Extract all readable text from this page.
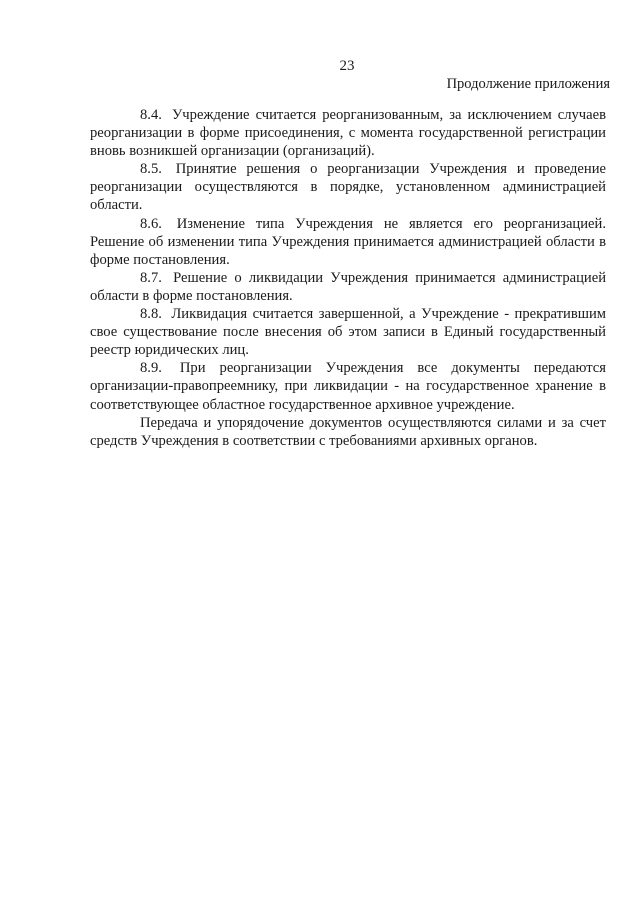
23
Продолжение приложения

8.4. Учреждение считается реорганизованным, за исключением случаев реорганизации в форме присоединения, с момента государственной регистрации вновь возникшей организации (организаций).

8.5. Принятие решения о реорганизации Учреждения и проведение реорганизации осуществляются в порядке, установленном администрацией области.

8.6. Изменение типа Учреждения не является его реорганизацией. Решение об изменении типа Учреждения принимается администрацией области в форме постановления.

8.7. Решение о ликвидации Учреждения принимается администрацией области в форме постановления.

8.8. Ликвидация считается завершенной, а Учреждение - прекратившим свое существование после внесения об этом записи в Единый государственный реестр юридических лиц.

8.9. При реорганизации Учреждения все документы передаются организации-правопреемнику, при ликвидации - на государственное хранение в соответствующее областное государственное архивное учреждение.

Передача и упорядочение документов осуществляются силами и за счет средств Учреждения в соответствии с требованиями архивных органов.
